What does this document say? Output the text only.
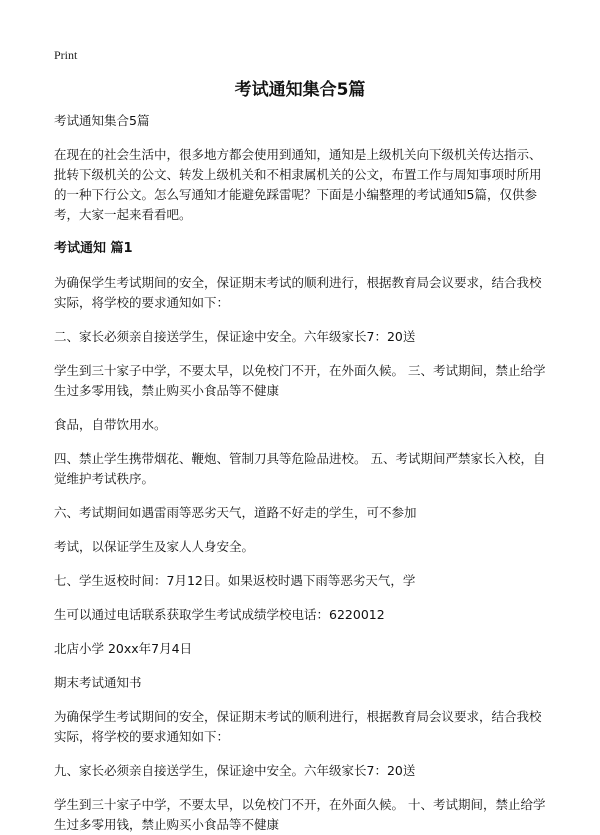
Print
考试通知集合5篇

考试通知集合5篇

在现在的社会生活中，很多地方都会使用到通知，通知是上级机关向下级机关传达指示、批转下级机关的公文、转发上级机关和不相隶属机关的公文，布置工作与周知事项时所用的一种下行公文。怎么写通知才能避免踩雷呢？下面是小编整理的考试通知5篇，仅供参考，大家一起来看看吧。

考试通知 篇1

为确保学生考试期间的安全，保证期末考试的顺利进行，根据教育局会议要求，结合我校实际，将学校的要求通知如下：

二、家长必须亲自接送学生，保证途中安全。六年级家长7：20送

学生到三十家子中学，不要太早，以免校门不开，在外面久候。 三、考试期间，禁止给学生过多零用钱，禁止购买小食品等不健康

食品，自带饮用水。

四、禁止学生携带烟花、鞭炮、管制刀具等危险品进校。 五、考试期间严禁家长入校，自觉维护考试秩序。

六、考试期间如遇雷雨等恶劣天气，道路不好走的学生，可不参加

考试，以保证学生及家人人身安全。

七、学生返校时间：7月12日。如果返校时遇下雨等恶劣天气，学

生可以通过电话联系获取学生考试成绩学校电话：6220012

北店小学 20xx年7月4日

期末考试通知书

为确保学生考试期间的安全，保证期末考试的顺利进行，根据教育局会议要求，结合我校实际，将学校的要求通知如下：

九、家长必须亲自接送学生，保证途中安全。六年级家长7：20送

学生到三十家子中学，不要太早，以免校门不开，在外面久候。 十、考试期间，禁止给学生过多零用钱，禁止购买小食品等不健康
